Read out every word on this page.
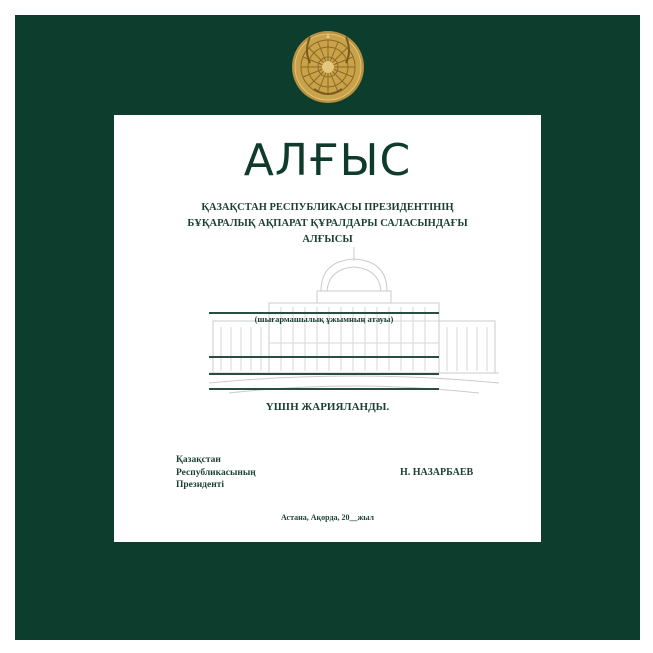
АЛҒЫС
ҚАЗАҚСТАН РЕСПУБЛИКАСЫ ПРЕЗИДЕНТІНІҢ
БҰҚАРАЛЫҚ АҚПАРАТ ҚҰРАЛДАРЫ САЛАСЫНДАҒЫ
АЛҒЫСЫ
(шығармашылық ұжымның атауы)
ҮШІН ЖАРИЯЛАНДЫ.
Қазақстан
Республикасының
Президенті
Н. НАЗАРБАЕВ
Астана, Ақорда, 20__жыл
